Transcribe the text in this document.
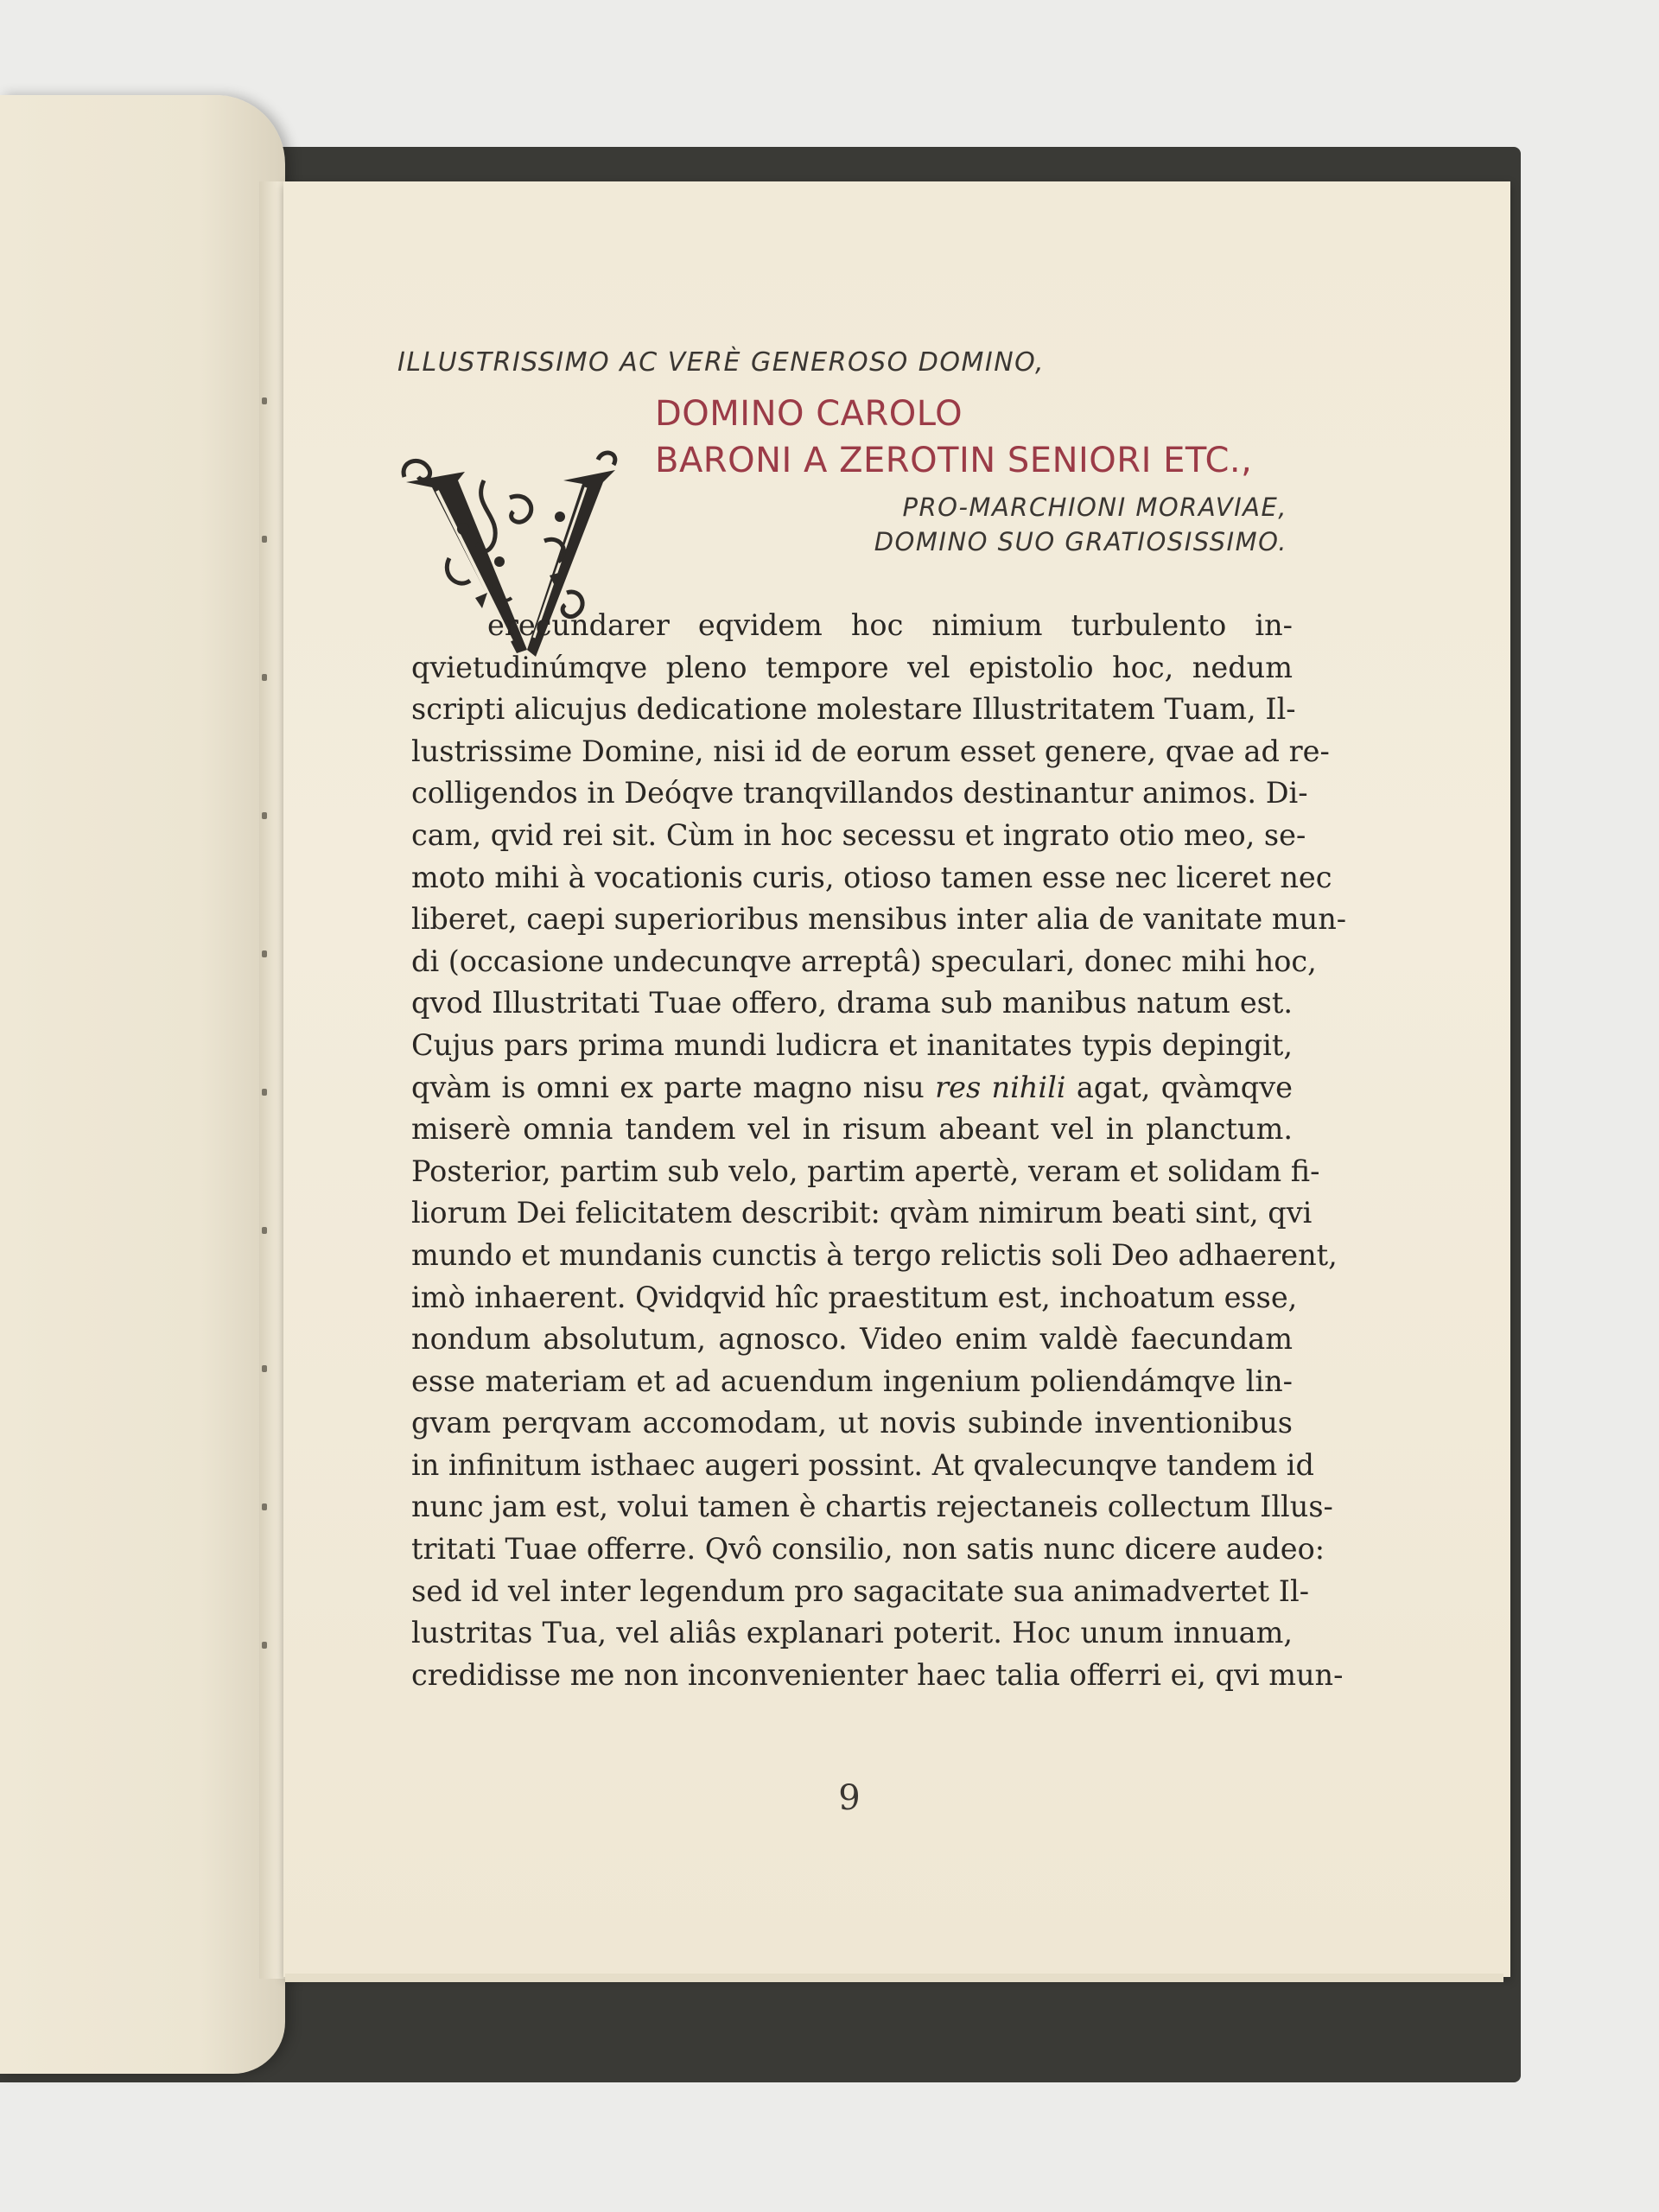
ILLUSTRISSIMO AC VERÈ GENEROSO DOMINO,
DOMINO CAROLO
BARONI A ZEROTIN SENIORI ETC.,
PRO-MARCHIONI MORAVIAE,
DOMINO SUO GRATIOSISSIMO.
erecundarer eqvidem hoc nimium turbulento in-
qvietudinúmqve pleno tempore vel epistolio hoc, nedum
scripti alicujus dedicatione molestare Illustritatem Tuam, Il-
lustrissime Domine, nisi id de eorum esset genere, qvae ad re-
colligendos in Deóqve tranqvillandos destinantur animos. Di-
cam, qvid rei sit. Cùm in hoc secessu et ingrato otio meo, se-
moto mihi à vocationis curis, otioso tamen esse nec liceret nec
liberet, caepi superioribus mensibus inter alia de vanitate mun-
di (occasione undecunqve arreptâ) speculari, donec mihi hoc,
qvod Illustritati Tuae offero, drama sub manibus natum est.
Cujus pars prima mundi ludicra et inanitates typis depingit,
qvàm is omni ex parte magno nisu res nihili agat, qvàmqve
miserè omnia tandem vel in risum abeant vel in planctum.
Posterior, partim sub velo, partim apertè, veram et solidam fi-
liorum Dei felicitatem describit: qvàm nimirum beati sint, qvi
mundo et mundanis cunctis à tergo relictis soli Deo adhaerent,
imò inhaerent. Qvidqvid hîc praestitum est, inchoatum esse,
nondum absolutum, agnosco. Video enim valdè faecundam
esse materiam et ad acuendum ingenium poliendámqve lin-
gvam perqvam accomodam, ut novis subinde inventionibus
in infinitum isthaec augeri possint. At qvalecunqve tandem id
nunc jam est, volui tamen è chartis rejectaneis collectum Illus-
tritati Tuae offerre. Qvô consilio, non satis nunc dicere audeo:
sed id vel inter legendum pro sagacitate sua animadvertet Il-
lustritas Tua, vel aliâs explanari poterit. Hoc unum innuam,
credidisse me non inconvenienter haec talia offerri ei, qvi mun-
9
